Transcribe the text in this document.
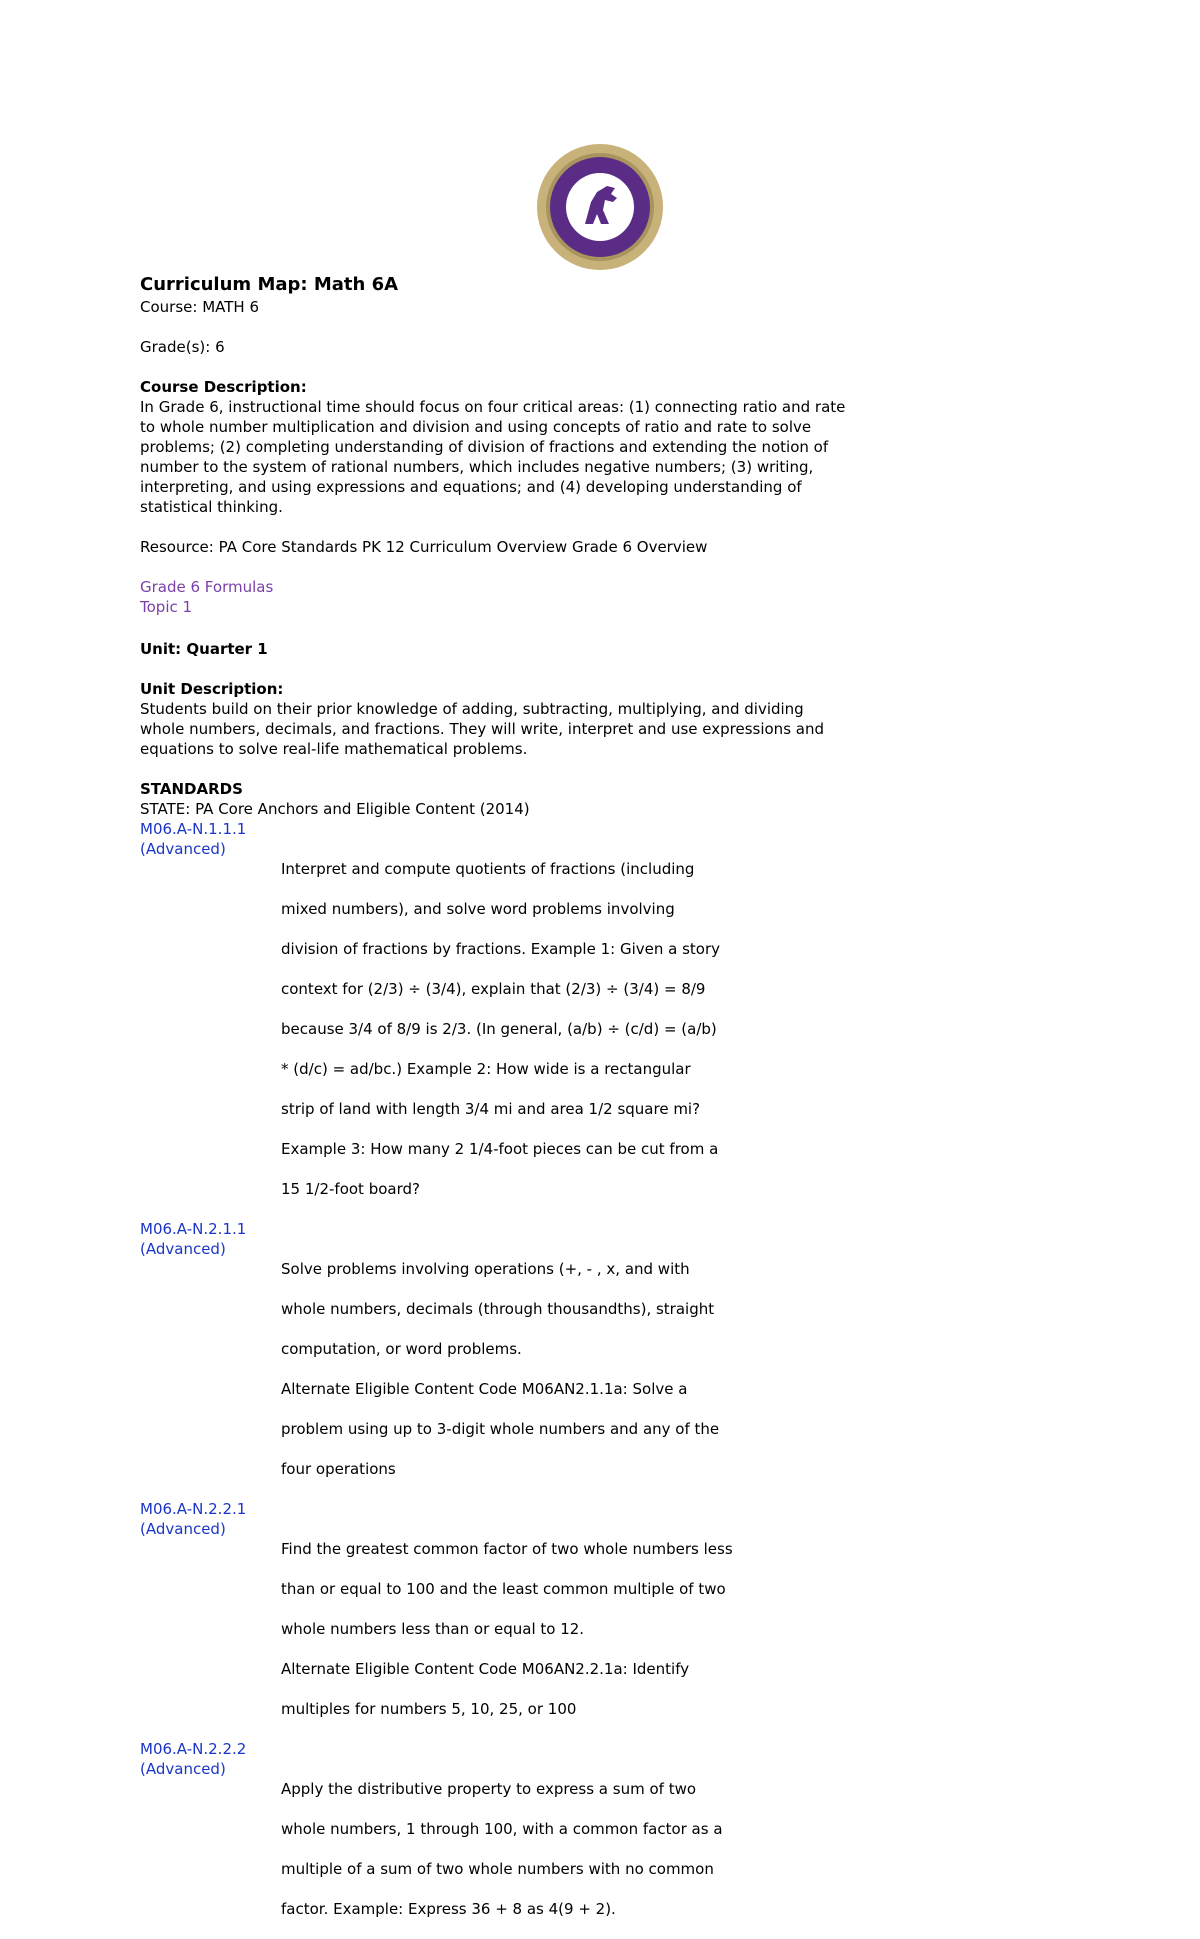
Curriculum Map: Math 6A

Course: MATH 6

Grade(s): 6

Course Description:

In Grade 6, instructional time should focus on four critical areas: (1) connecting ratio and rate

to whole number multiplication and division and using concepts of ratio and rate to solve

problems; (2) completing understanding of division of fractions and extending the notion of

number to the system of rational numbers, which includes negative numbers; (3) writing,

interpreting, and using expressions and equations; and (4) developing understanding of

statistical thinking.

Resource: PA Core Standards PK 12 Curriculum Overview Grade 6 Overview

Grade 6 Formulas
Topic 1

Unit: Quarter 1

Unit Description:

Students build on their prior knowledge of adding, subtracting, multiplying, and dividing

whole numbers, decimals, and fractions. They will write, interpret and use expressions and

equations to solve real-life mathematical problems.

STANDARDS

STATE: PA Core Anchors and Eligible Content (2014)

M06.A-N.1.1.1

(Advanced)

Interpret and compute quotients of fractions (including

mixed numbers), and solve word problems involving

division of fractions by fractions. Example 1: Given a story

context for (2/3) ÷ (3/4), explain that (2/3) ÷ (3/4) = 8/9

because 3/4 of 8/9 is 2/3. (In general, (a/b) ÷ (c/d) = (a/b)

* (d/c) = ad/bc.) Example 2: How wide is a rectangular

strip of land with length 3/4 mi and area 1/2 square mi?

Example 3: How many 2 1/4-foot pieces can be cut from a

15 1/2-foot board?

M06.A-N.2.1.1

(Advanced)

Solve problems involving operations (+, - , x, and with

whole numbers, decimals (through thousandths), straight

computation, or word problems.

Alternate Eligible Content Code M06AN2.1.1a: Solve a

problem using up to 3-digit whole numbers and any of the

four operations

M06.A-N.2.2.1

(Advanced)

Find the greatest common factor of two whole numbers less

than or equal to 100 and the least common multiple of two

whole numbers less than or equal to 12.

Alternate Eligible Content Code M06AN2.2.1a: Identify

multiples for numbers 5, 10, 25, or 100

M06.A-N.2.2.2

(Advanced)

Apply the distributive property to express a sum of two

whole numbers, 1 through 100, with a common factor as a

multiple of a sum of two whole numbers with no common

factor. Example: Express 36 + 8 as 4(9 + 2).
